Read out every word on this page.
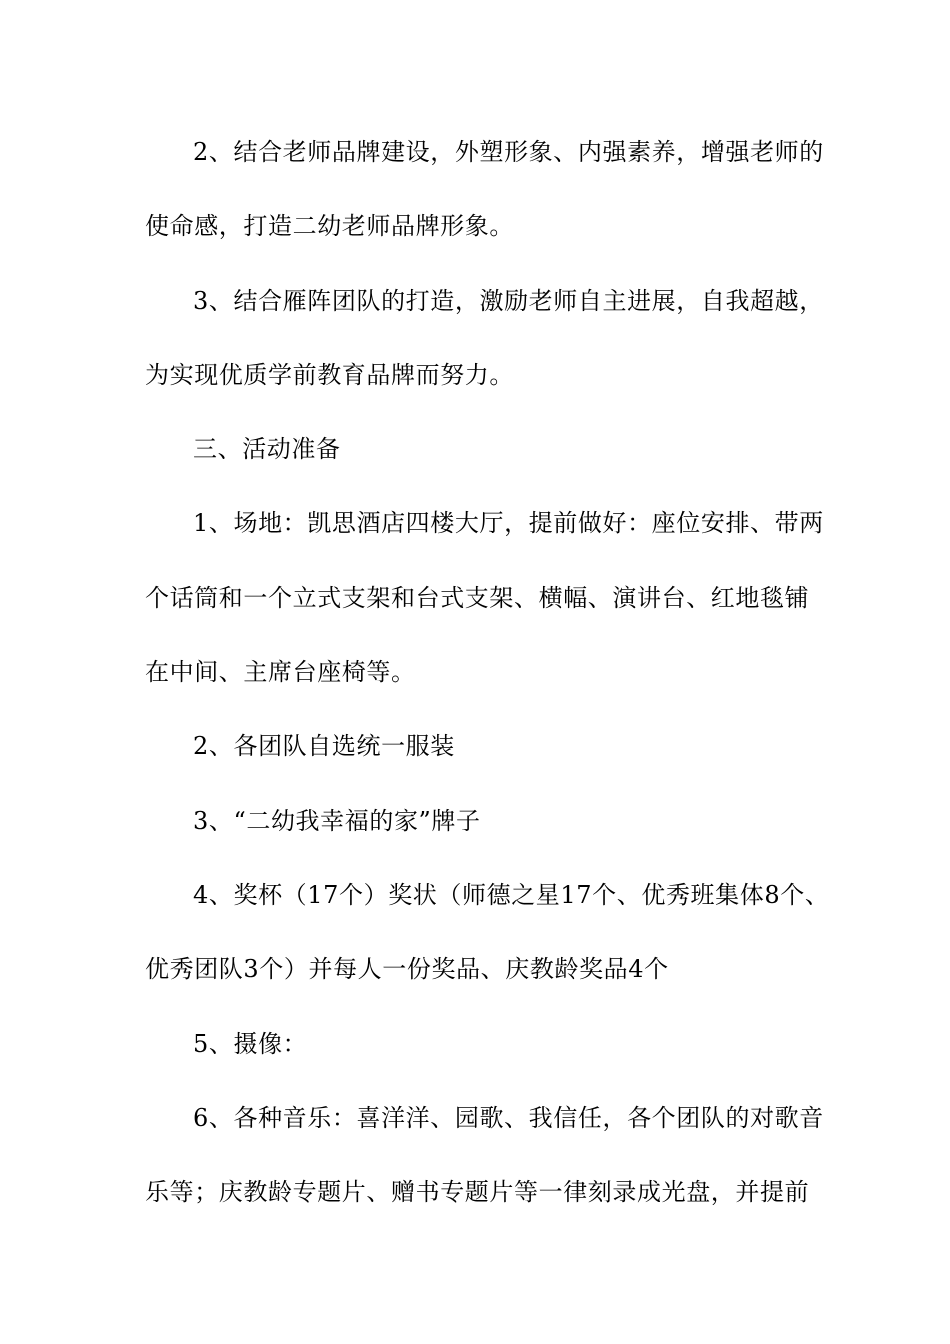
2、结合老师品牌建设，外塑形象、内强素养，增强老师的
使命感，打造二幼老师品牌形象。
3、结合雁阵团队的打造，激励老师自主进展，自我超越，
为实现优质学前教育品牌而努力。
三、活动准备
1、场地：凯思酒店四楼大厅，提前做好：座位安排、带两
个话筒和一个立式支架和台式支架、横幅、演讲台、红地毯铺
在中间、主席台座椅等。
2、各团队自选统一服装
3、“二幼我幸福的家”牌子
4、奖杯（17个）奖状（师德之星17个、优秀班集体8个、
优秀团队3个）并每人一份奖品、庆教龄奖品4个
5、摄像：
6、各种音乐：喜洋洋、园歌、我信任，各个团队的对歌音
乐等；庆教龄专题片、赠书专题片等一律刻录成光盘，并提前
